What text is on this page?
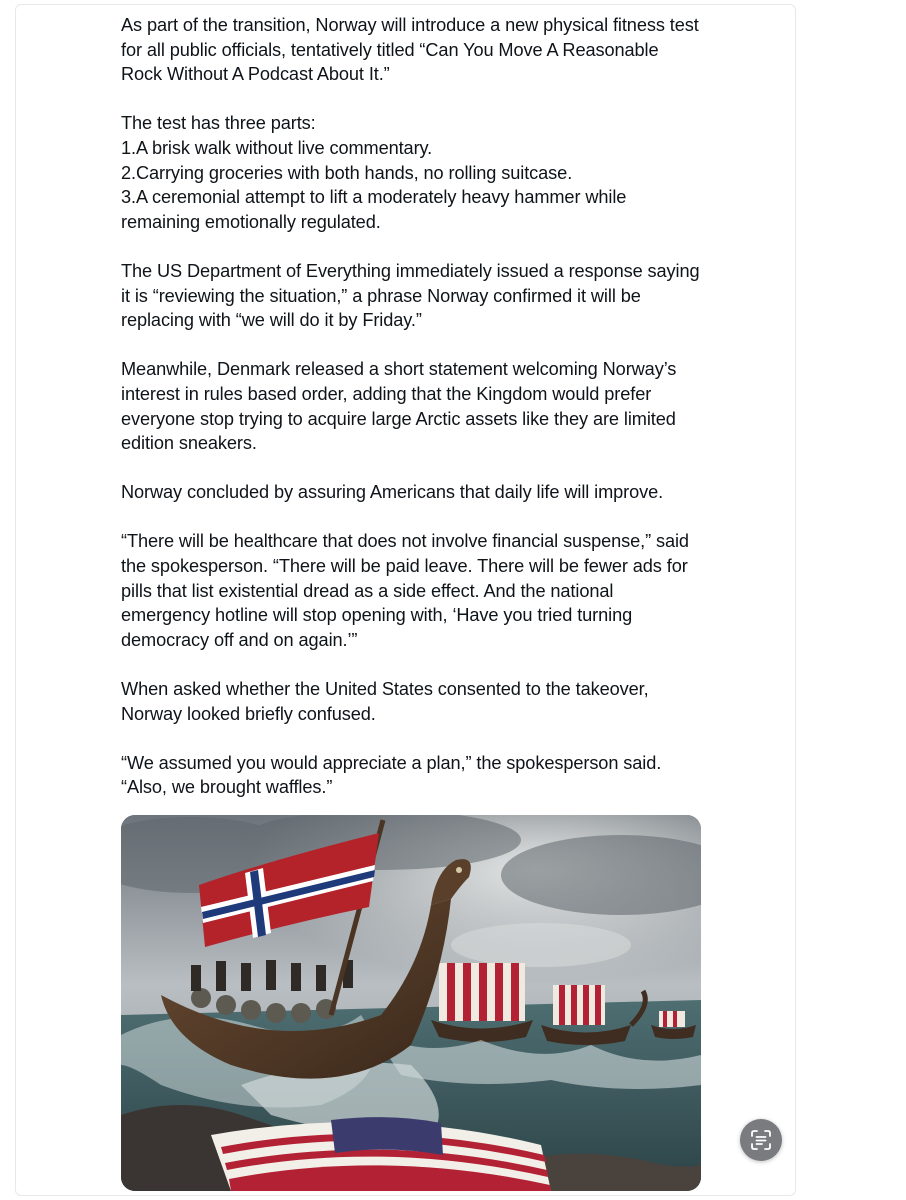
As part of the transition, Norway will introduce a new physical fitness test for all public officials, tentatively titled “Can You Move A Reasonable Rock Without A Podcast About It.”

The test has three parts:
1.A brisk walk without live commentary.
2.Carrying groceries with both hands, no rolling suitcase.
3.A ceremonial attempt to lift a moderately heavy hammer while remaining emotionally regulated.

The US Department of Everything immediately issued a response saying it is “reviewing the situation,” a phrase Norway confirmed it will be replacing with “we will do it by Friday.”

Meanwhile, Denmark released a short statement welcoming Norway’s interest in rules based order, adding that the Kingdom would prefer everyone stop trying to acquire large Arctic assets like they are limited edition sneakers.

Norway concluded by assuring Americans that daily life will improve.

“There will be healthcare that does not involve financial suspense,” said the spokesperson. “There will be paid leave. There will be fewer ads for pills that list existential dread as a side effect. And the national emergency hotline will stop opening with, ‘Have you tried turning democracy off and on again.’”

When asked whether the United States consented to the takeover, Norway looked briefly confused.

“We assumed you would appreciate a plan,” the spokesperson said. “Also, we brought waffles.”
